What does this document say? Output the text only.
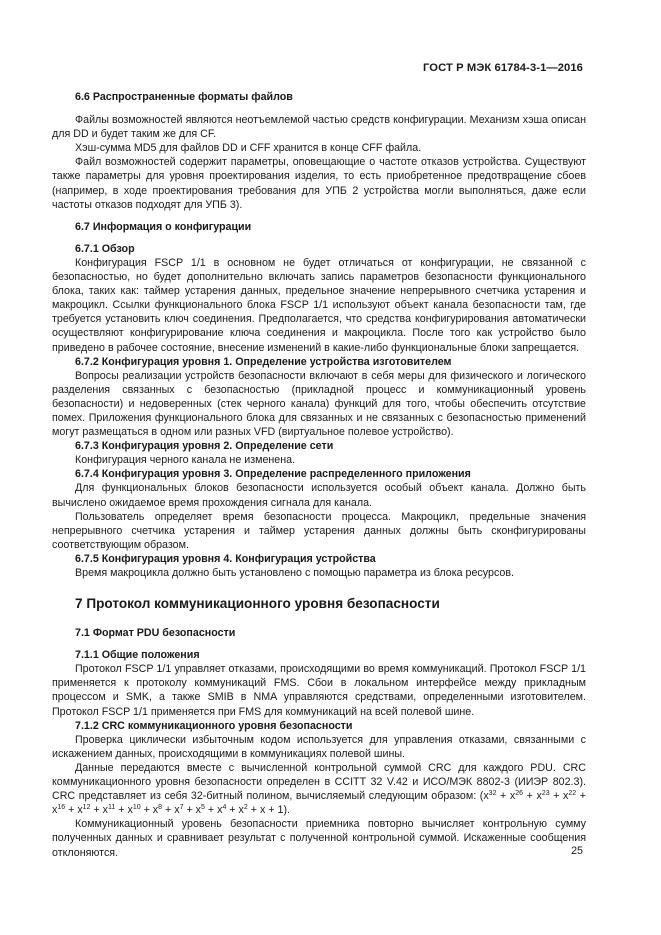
ГОСТ Р МЭК 61784-3-1—2016

6.6 Распространенные форматы файлов

Файлы возможностей являются неотъемлемой частью средств конфигурации. Механизм хэша описан для DD и будет таким же для CF.

Хэш-сумма MD5 для файлов DD и CFF хранится в конце CFF файла.

Файл возможностей содержит параметры, оповещающие о частоте отказов устройства. Существуют также параметры для уровня проектирования изделия, то есть приобретенное предотвращение сбоев (например, в ходе проектирования требования для УПБ 2 устройства могли выполняться, даже если частоты отказов подходят для УПБ 3).

6.7 Информация о конфигурации

6.7.1 Обзор

Конфигурация FSCP 1/1 в основном не будет отличаться от конфигурации, не связанной с безопасностью, но будет дополнительно включать запись параметров безопасности функционального блока, таких как: таймер устарения данных, предельное значение непрерывного счетчика устарения и макроцикл. Ссылки функционального блока FSCP 1/1 используют объект канала безопасности там, где требуется установить ключ соединения. Предполагается, что средства конфигурирования автоматически осуществляют конфигурирование ключа соединения и макроцикла. После того как устройство было приведено в рабочее состояние, внесение изменений в какие-либо функциональные блоки запрещается.

6.7.2 Конфигурация уровня 1. Определение устройства изготовителем

Вопросы реализации устройств безопасности включают в себя меры для физического и логического разделения связанных с безопасностью (прикладной процесс и коммуникационный уровень безопасности) и недоверенных (стек черного канала) функций для того, чтобы обеспечить отсутствие помех. Приложения функционального блока для связанных и не связанных с безопасностью применений могут размещаться в одном или разных VFD (виртуальное полевое устройство).

6.7.3 Конфигурация уровня 2. Определение сети

Конфигурация черного канала не изменена.

6.7.4 Конфигурация уровня 3. Определение распределенного приложения

Для функциональных блоков безопасности используется особый объект канала. Должно быть вычислено ожидаемое время прохождения сигнала для канала.

Пользователь определяет время безопасности процесса. Макроцикл, предельные значения непрерывного счетчика устарения и таймер устарения данных должны быть сконфигурированы соответствующим образом.

6.7.5 Конфигурация уровня 4. Конфигурация устройства

Время макроцикла должно быть установлено с помощью параметра из блока ресурсов.

7 Протокол коммуникационного уровня безопасности

7.1 Формат PDU безопасности

7.1.1 Общие положения

Протокол FSCP 1/1 управляет отказами, происходящими во время коммуникаций. Протокол FSCP 1/1 применяется к протоколу коммуникаций FMS. Сбои в локальном интерфейсе между прикладным процессом и SMK, а также SMIB в NMA управляются средствами, определенными изготовителем. Протокол FSCP 1/1 применяется при FMS для коммуникаций на всей полевой шине.

7.1.2 CRC коммуникационного уровня безопасности

Проверка циклически избыточным кодом используется для управления отказами, связанными с искажением данных, происходящими в коммуникациях полевой шины.

Данные передаются вместе с вычисленной контрольной суммой CRC для каждого PDU. CRC коммуникационного уровня безопасности определен в CCITT 32 V.42 и ИСО/МЭК 8802-3 (ИИЭР 802.3). CRC представляет из себя 32-битный полином, вычисляемый следующим образом: $(x^{32} + x^{26} + x^{23} + x^{22} + x^{16} + x^{12} + x^{11} + x^{10} + x^8 + x^7 + x^5 + x^4 + x^2 + x + 1)$.

Коммуникационный уровень безопасности приемника повторно вычисляет контрольную сумму полученных данных и сравнивает результат с полученной контрольной суммой. Искаженные сообщения отклоняются.	25
